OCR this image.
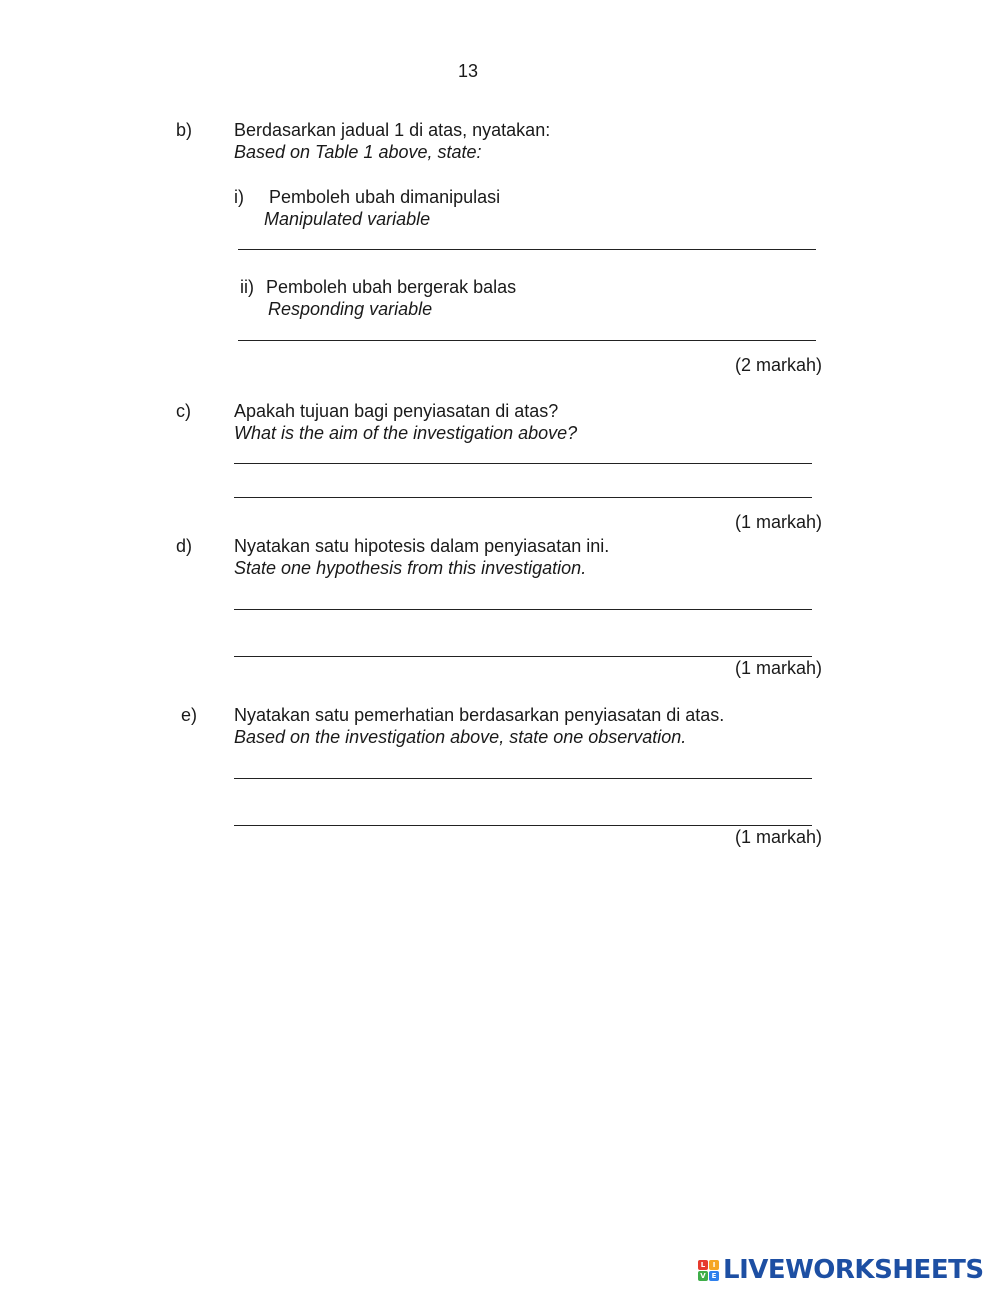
13
b) Berdasarkan jadual 1 di atas, nyatakan:
Based on Table 1 above, state:
i) Pemboleh ubah dimanipulasi
Manipulated variable
ii) Pemboleh ubah bergerak balas
Responding variable
(2 markah)
c) Apakah tujuan bagi penyiasatan di atas?
What is the aim of the investigation above?
(1 markah)
d) Nyatakan satu hipotesis dalam penyiasatan ini.
State one hypothesis from this investigation.
(1 markah)
e) Nyatakan satu pemerhatian berdasarkan penyiasatan di atas.
Based on the investigation above, state one observation.
(1 markah)
L	I
V E LIVEWORKSHEETS
